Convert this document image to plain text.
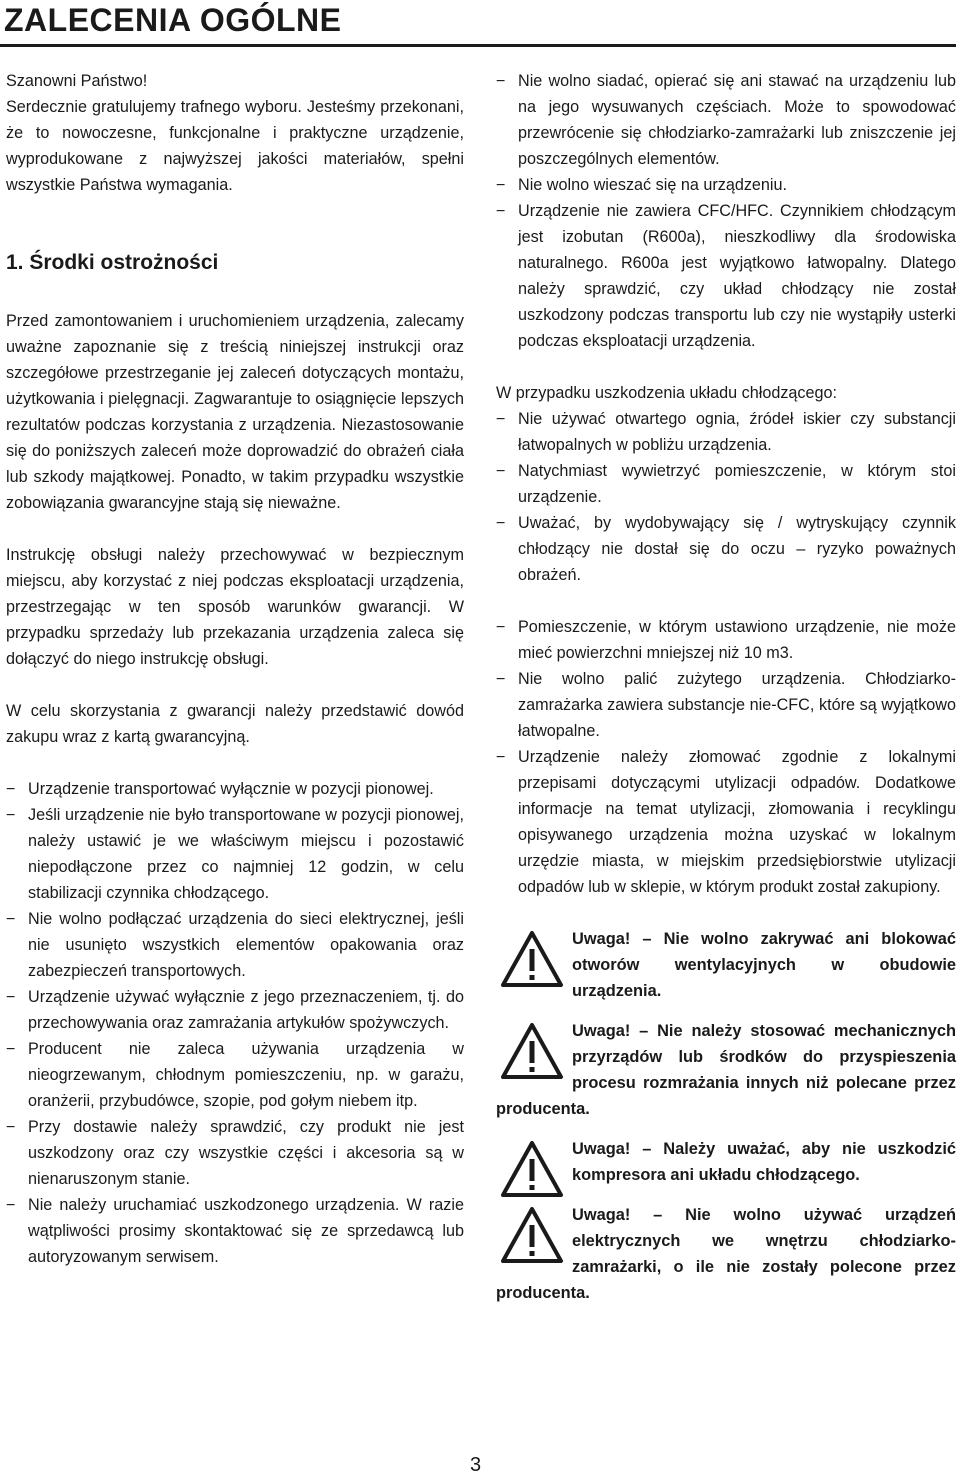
ZALECENIA OGÓLNE

Szanowni Państwo!

Serdecznie gratulujemy trafnego wyboru. Jesteśmy przekonani, że to nowoczesne, funkcjonalne i praktyczne urządzenie, wyprodukowane z najwyższej jakości materiałów, spełni wszystkie Państwa wymagania.

1. Środki ostrożności

Przed zamontowaniem i uruchomieniem urządzenia, zalecamy uważne zapoznanie się z treścią niniejszej instrukcji oraz szczegółowe przestrzeganie jej zaleceń dotyczących montażu, użytkowania i pielęgnacji. Zagwarantuje to osiągnięcie lepszych rezultatów podczas korzystania z urządzenia. Niezastosowanie się do poniższych zaleceń może doprowadzić do obrażeń ciała lub szkody majątkowej. Ponadto, w takim przypadku wszystkie zobowiązania gwarancyjne stają się nieważne.

Instrukcję obsługi należy przechowywać w bezpiecznym miejscu, aby korzystać z niej podczas eksploatacji urządzenia, przestrzegając w ten sposób warunków gwarancji. W przypadku sprzedaży lub przekazania urządzenia zaleca się dołączyć do niego instrukcję obsługi.

W celu skorzystania z gwarancji należy przedstawić dowód zakupu wraz z kartą gwarancyjną.

− Urządzenie transportować wyłącznie w pozycji pionowej.
− Jeśli urządzenie nie było transportowane w pozycji pionowej, należy ustawić je we właściwym miejscu i pozostawić niepodłączone przez co najmniej 12 godzin, w celu stabilizacji czynnika chłodzącego.
− Nie wolno podłączać urządzenia do sieci elektrycznej, jeśli nie usunięto wszystkich elementów opakowania oraz zabezpieczeń transportowych.
− Urządzenie używać wyłącznie z jego przeznaczeniem, tj. do przechowywania oraz zamrażania artykułów spożywczych.
− Producent nie zaleca używania urządzenia w nieogrzewanym, chłodnym pomieszczeniu, np. w garażu, oranżerii, przybudówce, szopie, pod gołym niebem itp.
− Przy dostawie należy sprawdzić, czy produkt nie jest uszkodzony oraz czy wszystkie części i akcesoria są w nienaruszonym stanie.
− Nie należy uruchamiać uszkodzonego urządzenia. W razie wątpliwości prosimy skontaktować się ze sprzedawcą lub autoryzowanym serwisem.
− Nie wolno siadać, opierać się ani stawać na urządzeniu lub na jego wysuwanych częściach. Może to spowodować przewrócenie się chłodziarko-zamrażarki lub zniszczenie jej poszczególnych elementów.
− Nie wolno wieszać się na urządzeniu.
− Urządzenie nie zawiera CFC/HFC. Czynnikiem chłodzącym jest izobutan (R600a), nieszkodliwy dla środowiska naturalnego. R600a jest wyjątkowo łatwopalny. Dlatego należy sprawdzić, czy układ chłodzący nie został uszkodzony podczas transportu lub czy nie wystąpiły usterki podczas eksploatacji urządzenia.

W przypadku uszkodzenia układu chłodzącego:

− Nie używać otwartego ognia, źródeł iskier czy substancji łatwopalnych w pobliżu urządzenia.
− Natychmiast wywietrzyć pomieszczenie, w którym stoi urządzenie.
− Uważać, by wydobywający się / wytryskujący czynnik chłodzący nie dostał się do oczu – ryzyko poważnych obrażeń.
− Pomieszczenie, w którym ustawiono urządzenie, nie może mieć powierzchni mniejszej niż 10 m3.
− Nie wolno palić zużytego urządzenia. Chłodziarko-zamrażarka zawiera substancje nie-CFC, które są wyjątkowo łatwopalne.
− Urządzenie należy złomować zgodnie z lokalnymi przepisami dotyczącymi utylizacji odpadów. Dodatkowe informacje na temat utylizacji, złomowania i recyklingu opisywanego urządzenia można uzyskać w lokalnym urzędzie miasta, w miejskim przedsiębiorstwie utylizacji odpadów lub w sklepie, w którym produkt został zakupiony.

Uwaga! – Nie wolno zakrywać ani blokować otworów wentylacyjnych w obudowie urządzenia.

Uwaga! – Nie należy stosować mechanicznych przyrządów lub środków do przyspieszenia procesu rozmrażania innych niż polecane przez producenta.

Uwaga! – Należy uważać, aby nie uszkodzić kompresora ani układu chłodzącego.

Uwaga! – Nie wolno używać urządzeń elektrycznych we wnętrzu chłodziarko-zamrażarki, o ile nie zostały polecone przez producenta.

3
